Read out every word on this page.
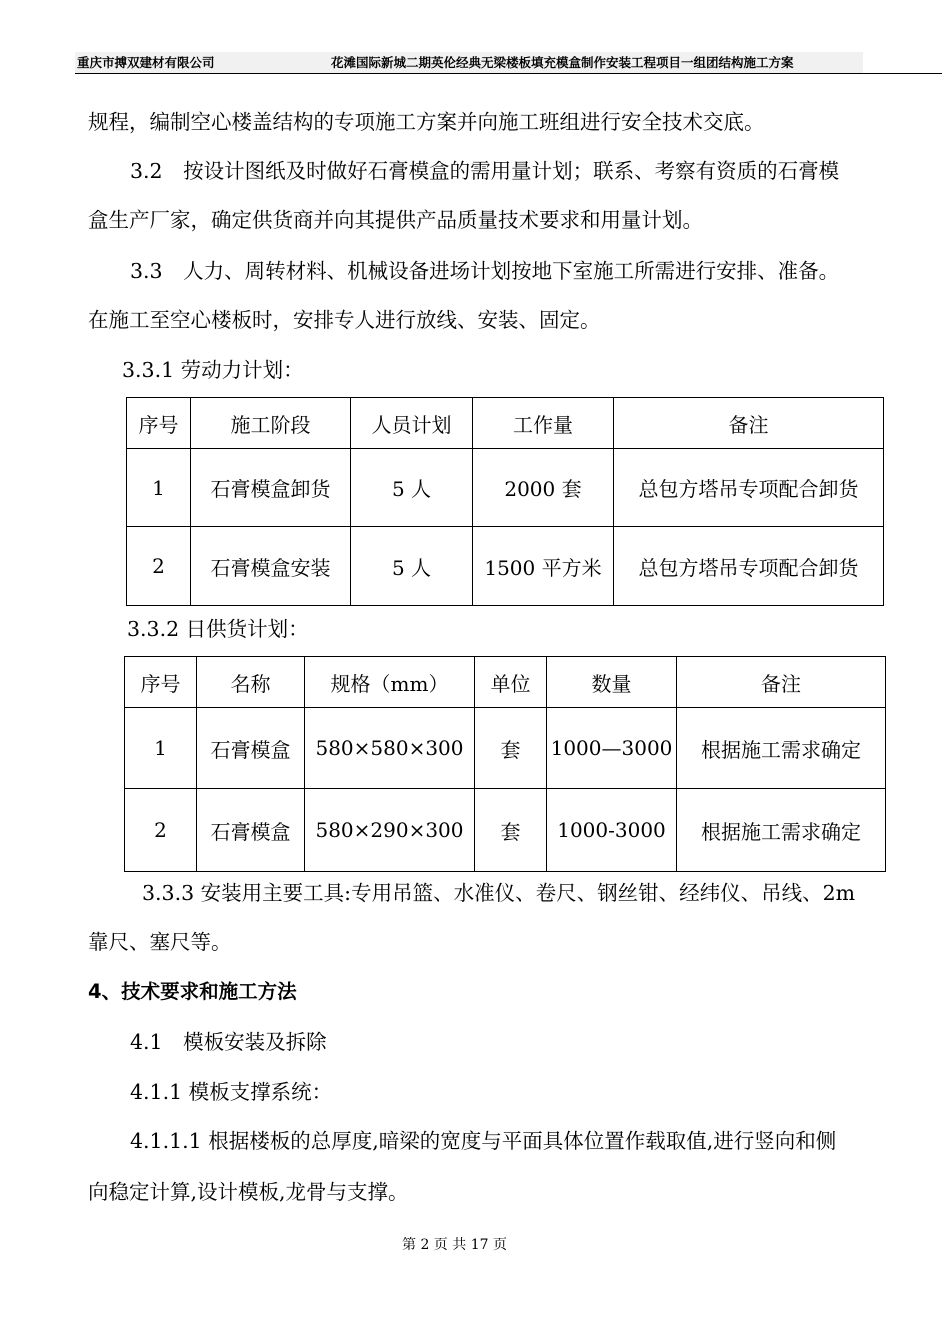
重庆市搏双建材有限公司	花滩国际新城二期英伦经典无梁楼板填充模盒制作安装工程项目一组团结构施工方案
规程，编制空心楼盖结构的专项施工方案并向施工班组进行安全技术交底。
3.2　按设计图纸及时做好石膏模盒的需用量计划；联系、考察有资质的石膏模
盒生产厂家，确定供货商并向其提供产品质量技术要求和用量计划。
3.3　人力、周转材料、机械设备进场计划按地下室施工所需进行安排、准备。
在施工至空心楼板时，安排专人进行放线、安装、固定。
3.3.1 劳动力计划：
序号	施工阶段	人员计划	工作量	备注
1	石膏模盒卸货	5 人	2000 套	总包方塔吊专项配合卸货
2	石膏模盒安装	5 人	1500 平方米	总包方塔吊专项配合卸货
3.3.2 日供货计划：
序号	名称	规格（mm）	单位	数量	备注
1	石膏模盒	580×580×300	套	1000—3000	根据施工需求确定
2	石膏模盒	580×290×300	套	1000-3000	根据施工需求确定
3.3.3 安装用主要工具:专用吊篮、水准仪、卷尺、钢丝钳、经纬仪、吊线、2m
靠尺、塞尺等。
4、技术要求和施工方法
4.1　模板安装及拆除
4.1.1 模板支撑系统：
4.1.1.1 根据楼板的总厚度,暗梁的宽度与平面具体位置作载取值,进行竖向和侧
向稳定计算,设计模板,龙骨与支撑。
第 2 页 共 17 页
